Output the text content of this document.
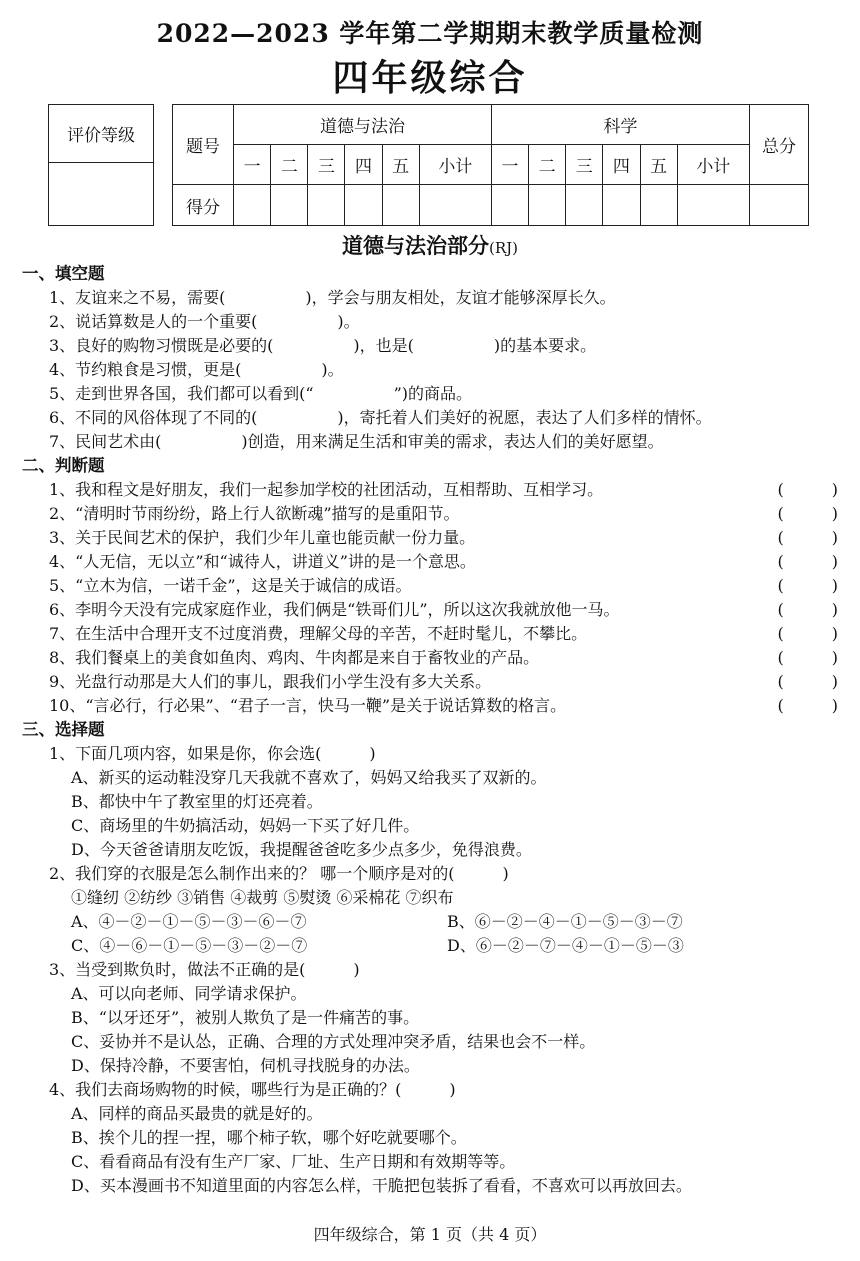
2022—2023 学年第二学期期末教学质量检测
四年级综合
评价等级

题号	道德与法治						科学						总分
	一	二	三	四	五	小计	一	二	三	四	五	小计	
得分													
道德与法治部分(RJ)
一、填空题
1、友谊来之不易，需要(　　　　　)，学会与朋友相处，友谊才能够深厚长久。
2、说话算数是人的一个重要(　　　　　)。
3、良好的购物习惯既是必要的(　　　　　)，也是(　　　　　)的基本要求。
4、节约粮食是习惯，更是(　　　　　)。
5、走到世界各国，我们都可以看到(“　　　　　”)的商品。
6、不同的风俗体现了不同的(　　　　　)，寄托着人们美好的祝愿，表达了人们多样的情怀。
7、民间艺术由(　　　　　)创造，用来满足生活和审美的需求，表达人们的美好愿望。
二、判断题
1、我和程文是好朋友，我们一起参加学校的社团活动，互相帮助、互相学习。	(　　　)
2、“清明时节雨纷纷，路上行人欲断魂”描写的是重阳节。	(　　　)
3、关于民间艺术的保护，我们少年儿童也能贡献一份力量。	(　　　)
4、“人无信，无以立”和“诚待人，讲道义”讲的是一个意思。	(　　　)
5、“立木为信，一诺千金”，这是关于诚信的成语。	(　　　)
6、李明今天没有完成家庭作业，我们俩是“铁哥们儿”，所以这次我就放他一马。	(　　　)
7、在生活中合理开支不过度消费，理解父母的辛苦，不赶时髦儿，不攀比。	(　　　)
8、我们餐桌上的美食如鱼肉、鸡肉、牛肉都是来自于畜牧业的产品。	(　　　)
9、光盘行动那是大人们的事儿，跟我们小学生没有多大关系。	(　　　)
10、“言必行，行必果”、“君子一言，快马一鞭”是关于说话算数的格言。	(　　　)
三、选择题
1、下面几项内容，如果是你，你会选(　　　)
A、新买的运动鞋没穿几天我就不喜欢了，妈妈又给我买了双新的。
B、都快中午了教室里的灯还亮着。
C、商场里的牛奶搞活动，妈妈一下买了好几件。
D、今天爸爸请朋友吃饭，我提醒爸爸吃多少点多少，免得浪费。
2、我们穿的衣服是怎么制作出来的？ 哪一个顺序是对的(　　　)
①缝纫 ②纺纱 ③销售 ④裁剪 ⑤熨烫 ⑥采棉花 ⑦织布
A、④－②－①－⑤－③－⑥－⑦	B、⑥－②－④－①－⑤－③－⑦
C、④－⑥－①－⑤－③－②－⑦	D、⑥－②－⑦－④－①－⑤－③
3、当受到欺负时，做法不正确的是(　　　)
A、可以向老师、同学请求保护。
B、“以牙还牙”，被别人欺负了是一件痛苦的事。
C、妥协并不是认怂，正确、合理的方式处理冲突矛盾，结果也会不一样。
D、保持冷静，不要害怕，伺机寻找脱身的办法。
4、我们去商场购物的时候，哪些行为是正确的？(　　　)
A、同样的商品买最贵的就是好的。
B、挨个儿的捏一捏，哪个柿子软，哪个好吃就要哪个。
C、看看商品有没有生产厂家、厂址、生产日期和有效期等等。
D、买本漫画书不知道里面的内容怎么样，干脆把包装拆了看看，不喜欢可以再放回去。
四年级综合，第 1 页（共 4 页）
